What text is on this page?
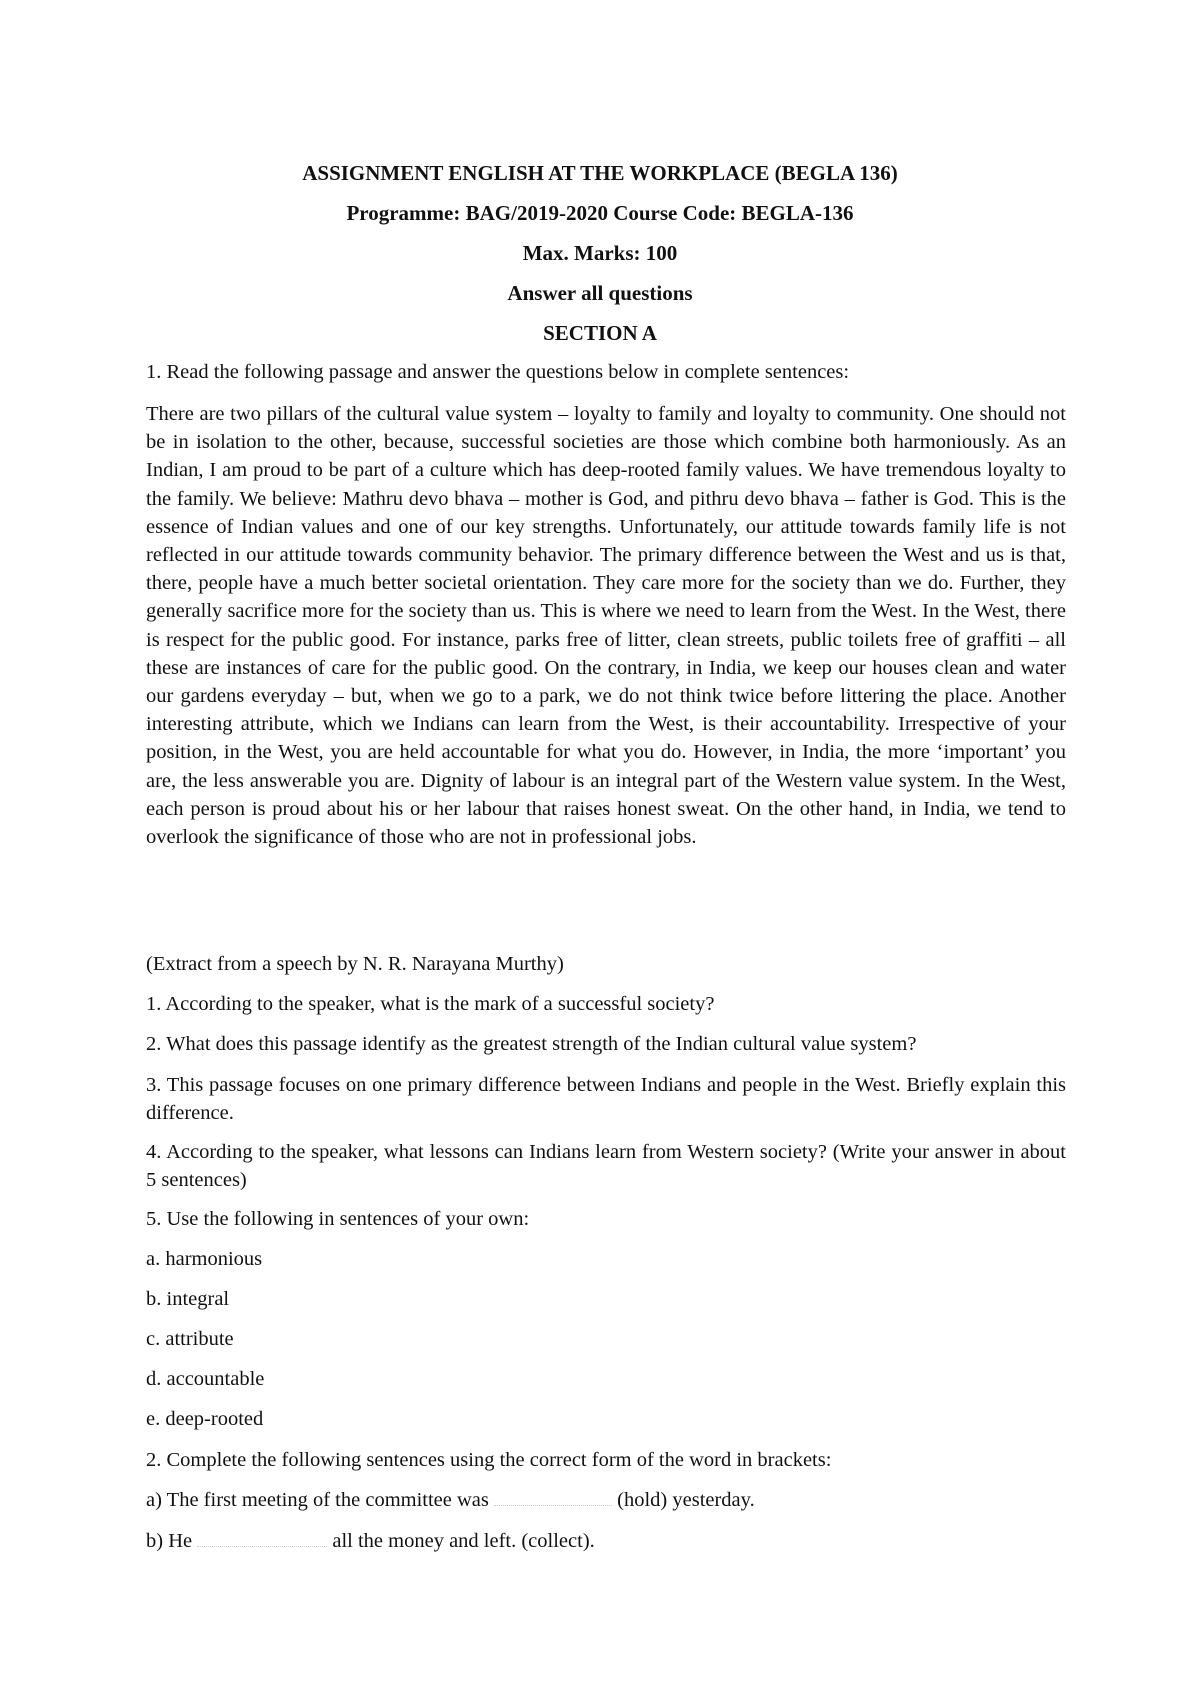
ASSIGNMENT ENGLISH AT THE WORKPLACE (BEGLA 136)
Programme: BAG/2019-2020 Course Code: BEGLA-136
Max. Marks: 100
Answer all questions
SECTION A

1. Read the following passage and answer the questions below in complete sentences:

There are two pillars of the cultural value system – loyalty to family and loyalty to community. One should not be in isolation to the other, because, successful societies are those which combine both harmoniously. As an Indian, I am proud to be part of a culture which has deep-rooted family values. We have tremendous loyalty to the family. We believe: Mathru devo bhava – mother is God, and pithru devo bhava – father is God. This is the essence of Indian values and one of our key strengths. Unfortunately, our attitude towards family life is not reflected in our attitude towards community behavior. The primary difference between the West and us is that, there, people have a much better societal orientation. They care more for the society than we do. Further, they generally sacrifice more for the society than us. This is where we need to learn from the West. In the West, there is respect for the public good. For instance, parks free of litter, clean streets, public toilets free of graffiti – all these are instances of care for the public good. On the contrary, in India, we keep our houses clean and water our gardens everyday – but, when we go to a park, we do not think twice before littering the place. Another interesting attribute, which we Indians can learn from the West, is their accountability. Irrespective of your position, in the West, you are held accountable for what you do. However, in India, the more ‘important’ you are, the less answerable you are. Dignity of labour is an integral part of the Western value system. In the West, each person is proud about his or her labour that raises honest sweat. On the other hand, in India, we tend to overlook the significance of those who are not in professional jobs.

(Extract from a speech by N. R. Narayana Murthy)

1. According to the speaker, what is the mark of a successful society?

2. What does this passage identify as the greatest strength of the Indian cultural value system?

3. This passage focuses on one primary difference between Indians and people in the West. Briefly explain this difference.

4. According to the speaker, what lessons can Indians learn from Western society? (Write your answer in about 5 sentences)

5. Use the following in sentences of your own:

a. harmonious

b. integral

c. attribute

d. accountable

e. deep-rooted

2. Complete the following sentences using the correct form of the word in brackets:

a) The first meeting of the committee was	(hold) yesterday.

b) He	all the money and left. (collect).
